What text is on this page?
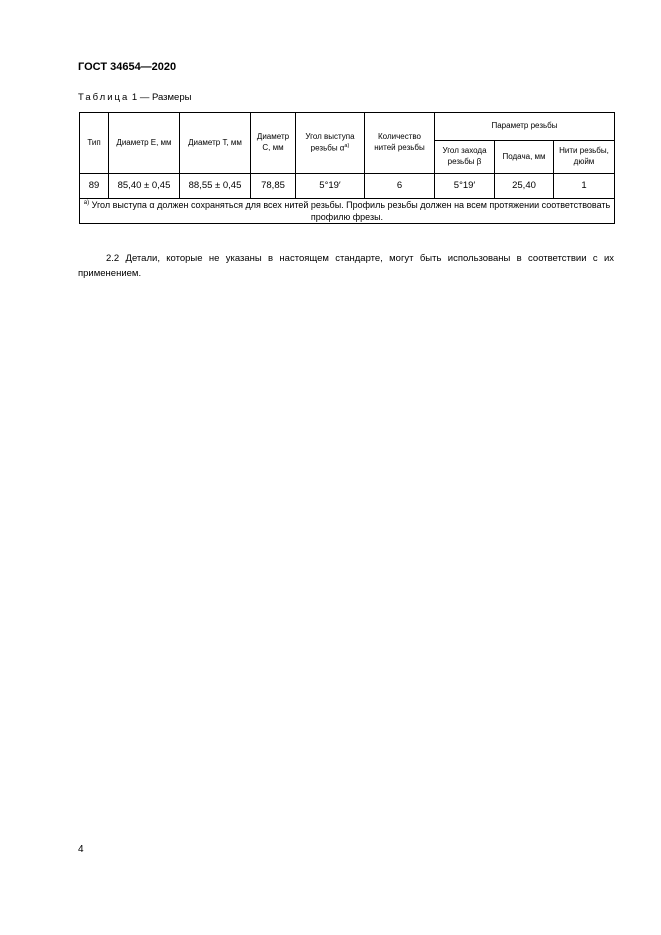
ГОСТ 34654—2020
Таблица 1 — Размеры
Тип	Диаметр E, мм	Диаметр T, мм	Диаметр C, мм	Угол выступа резьбы $\alpha^{а)}$	Количество нитей резьбы	Параметр резьбы		
						Угол захода резьбы β	Подача, мм	Нити резьбы, дюйм
89	85,40 ± 0,45	88,55 ± 0,45	78,85	5°19′	6	5°19′	25,40	1
$^{а)}$ Угол выступа α должен сохраняться для всех нитей резьбы. Профиль резьбы должен на всем протяжении соответствовать профилю фрезы.								

2.2 Детали, которые не указаны в настоящем стандарте, могут быть использованы в соответствии с их применением.

4
